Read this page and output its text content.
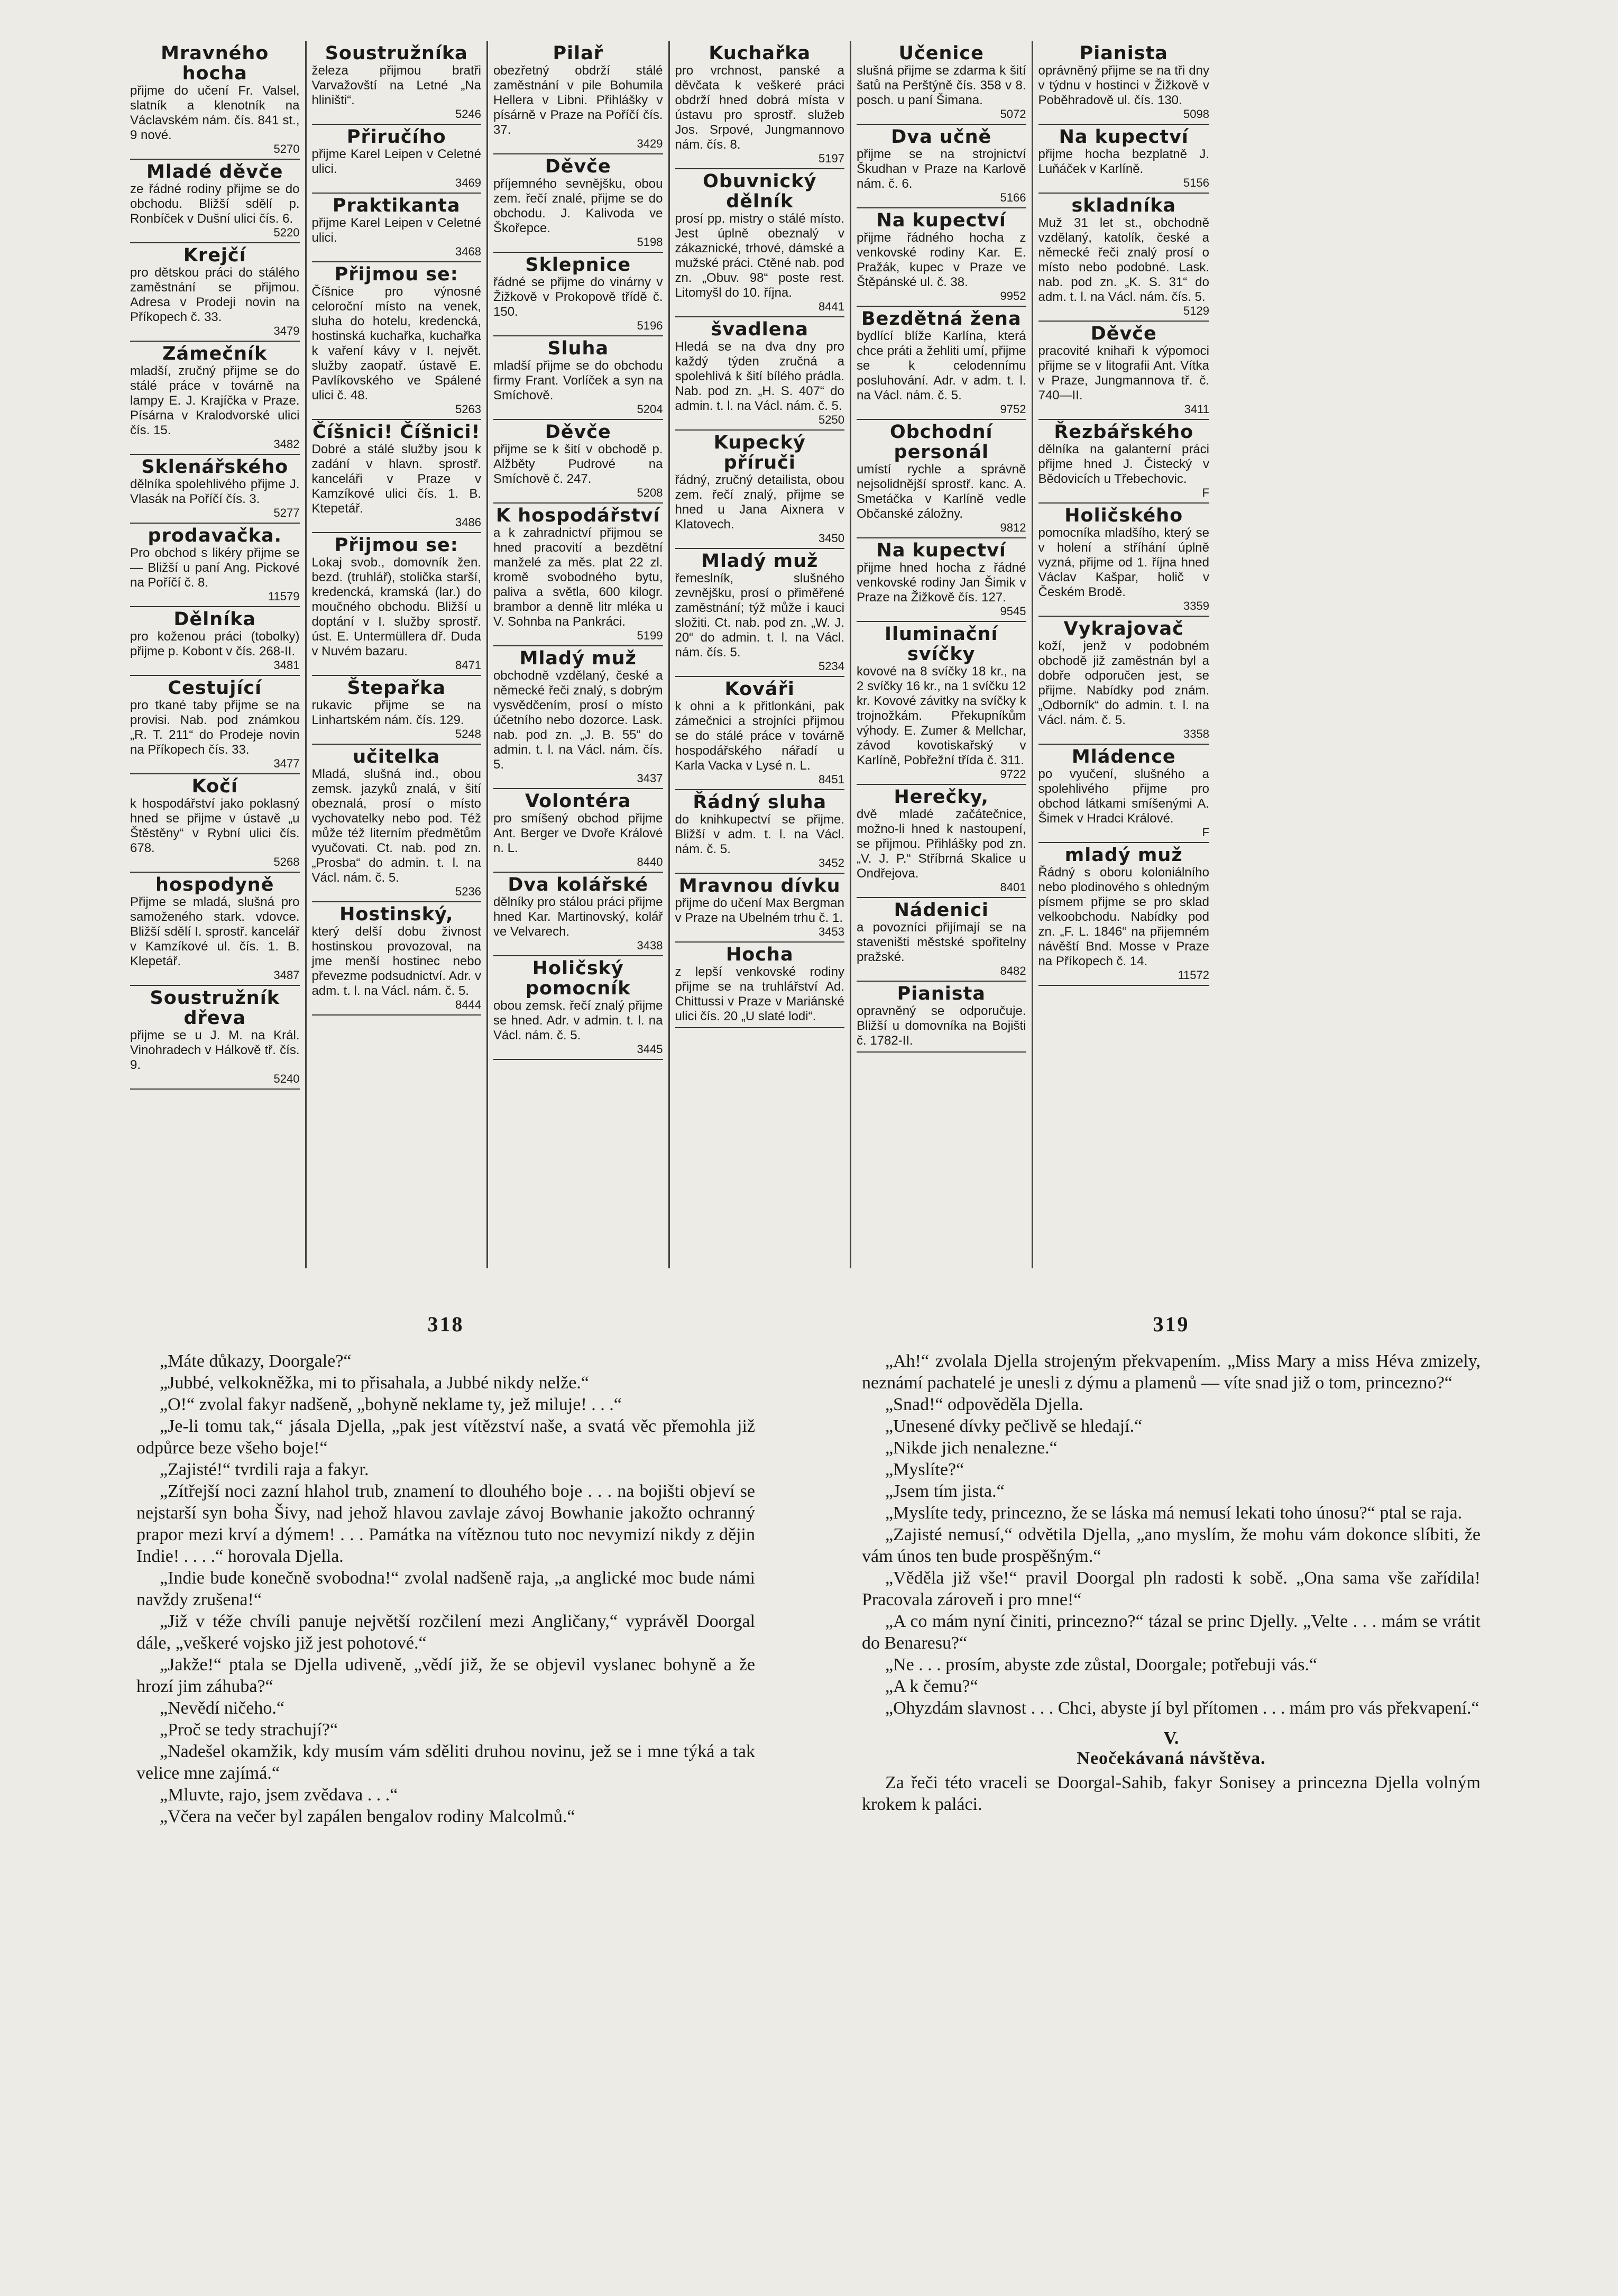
Mravného hocha
přijme do učení Fr. Valsel, slatník a klenotník na Václavském nám. čís. 841 st., 9 nové.
5270
Mladé děvče
ze řádné rodiny přijme se do obchodu. Bližší sdělí p. Ronbíček v Dušní ulici čís. 6.
5220
Krejčí
pro dětskou práci do stálého zaměstnání se přijmou. Adresa v Prodeji novin na Příkopech č. 33.
3479
Zámečník
mladší, zručný přijme se do stálé práce v továrně na lampy E. J. Krajíčka v Praze. Písárna v Kralodvorské ulici čís. 15.
3482
Sklenářského
dělníka spolehlivého přijme J. Vlasák na Poříčí čís. 3.
5277
prodavačka.
Pro obchod s likéry přijme se — Bližší u paní Ang. Pickové na Poříčí č. 8.
11579
Dělníka
pro koženou práci (tobolky) přijme p. Kobont v čís. 268-II.
3481
Cestující
pro tkané taby přijme se na provisi. Nab. pod známkou „R. T. 211“ do Prodeje novin na Příkopech čís. 33.
3477
Kočí
k hospodářství jako poklasný hned se přijme v ústavě „u Štěstěny“ v Rybní ulici čís. 678.
5268
hospodyně
Přijme se mladá, slušná pro samoženého stark. vdovce. Bližší sdělí I. sprostř. kancelář v Kamzíkové ul. čís. 1. B. Klepetář.
3487
Soustružník dřeva
přijme se u J. M. na Král. Vinohradech v Hálkově tř. čís. 9.
5240
Soustružníka
železa přijmou bratři Varvažovští na Letné „Na hliništi“.
5246
Přiručího
přijme Karel Leipen v Celetné ulici.
3469
Praktikanta
přijme Karel Leipen v Celetné ulici.
3468
Přijmou se:
Číšnice pro výnosné celoroční místo na venek, sluha do hotelu, kredencká, hostinská kuchařka, kuchařka k vaření kávy v I. největ. služby zaopatř. ústavě E. Pavlíkovského ve Spálené ulici č. 48.
5263
Číšnici! Číšnici!
Dobré a stálé služby jsou k zadání v hlavn. sprostř. kanceláři v Praze v Kamzíkové ulici čís. 1. B. Ktepetář.
3486
Přijmou se:
Lokaj svob., domovník žen. bezd. (truhlář), stolička starší, kredencká, kramská (lar.) do moučného obchodu. Bližší u doptání v I. služby sprostř. úst. E. Untermüllera dř. Duda v Nuvém bazaru.
8471
Štepařka
rukavic přijme se na Linhartském nám. čís. 129.
5248
učitelka
Mladá, slušná ind., obou zemsk. jazyků znalá, v šití obeznalá, prosí o místo vychovatelky nebo pod. Též může též literním předmětům vyučovati. Ct. nab. pod zn. „Prosba“ do admin. t. l. na Václ. nám. č. 5.
5236
Hostinský,
který delší dobu živnost hostinskou provozoval, na jme menší hostinec nebo převezme podsudnictví. Adr. v adm. t. l. na Václ. nám. č. 5.
8444
Pilař
obezřetný obdrží stálé zaměstnání v pile Bohumila Hellera v Libni. Přihlášky v písárně v Praze na Poříčí čís. 37.
3429
Děvče
příjemného sevnějšku, obou zem. řečí znalé, přijme se do obchodu. J. Kalivoda ve Škořepce.
5198
Sklepnice
řádné se přijme do vinárny v Žižkově v Prokopově třídě č. 150.
5196
Sluha
mladší přijme se do obchodu firmy Frant. Vorlíček a syn na Smíchově.
5204
Děvče
přijme se k šití v obchodě p. Alžběty Pudrové na Smíchově č. 247.
5208
K hospodářství
a k zahradnictví přijmou se hned pracovití a bezdětní manželé za měs. plat 22 zl. kromě svobodného bytu, paliva a světla, 600 kilogr. brambor a denně litr mléka u V. Sohnba na Pankráci.
5199
Mladý muž
obchodně vzdělaný, české a německé řeči znalý, s dobrým vysvědčením, prosí o místo účetního nebo dozorce. Lask. nab. pod zn. „J. B. 55“ do admin. t. l. na Václ. nám. čís. 5.
3437
Volontéra
pro smíšený obchod přijme Ant. Berger ve Dvoře Králové n. L.
8440
Dva kolářské
dělníky pro stálou práci přijme hned Kar. Martinovský, kolář ve Velvarech.
3438
Holičský pomocník
obou zemsk. řečí znalý přijme se hned. Adr. v admin. t. l. na Václ. nám. č. 5.
3445
Kuchařka
pro vrchnost, panské a děvčata k veškeré práci obdrží hned dobrá místa v ústavu pro sprostř. služeb Jos. Srpové, Jungmannovo nám. čís. 8.
5197
Obuvnický dělník
prosí pp. mistry o stálé místo. Jest úplně obeznalý v zákaznické, trhové, dámské a mužské práci. Ctěné nab. pod zn. „Obuv. 98“ poste rest. Litomyšl do 10. října.
8441
švadlena
Hledá se na dva dny pro každý týden zručná a spolehlivá k šití bílého prádla. Nab. pod zn. „H. S. 407“ do admin. t. l. na Václ. nám. č. 5.
5250
Kupecký příruči
řádný, zručný detailista, obou zem. řečí znalý, přijme se hned u Jana Aixnera v Klatovech.
3450
Mladý muž
řemeslník, slušného zevnějšku, prosí o přiměřené zaměstnání; týž může i kauci složiti. Ct. nab. pod zn. „W. J. 20“ do admin. t. l. na Václ. nám. čís. 5.
5234
Kováři
k ohni a k přitlonkáni, pak zámečnici a strojníci přijmou se do stálé práce v továrně hospodářského nářadí u Karla Vacka v Lysé n. L.
8451
Řádný sluha
do knihkupectví se přijme. Bližší v adm. t. l. na Václ. nám. č. 5.
3452
Mravnou dívku
přijme do učení Max Bergman v Praze na Ubelném trhu č. 1.
3453
Hocha
z lepší venkovské rodiny přijme se na truhlářství Ad. Chittussi v Praze v Mariánské ulici čís. 20 „U slaté lodi“.
Učenice
slušná přijme se zdarma k šití šatů na Perštýně čís. 358 v 8. posch. u paní Šimana.
5072
Dva učně
přijme se na strojnictví Škudhan v Praze na Karlově nám. č. 6.
5166
Na kupectví
přijme řádného hocha z venkovské rodiny Kar. E. Pražák, kupec v Praze ve Štěpánské ul. č. 38.
9952
Bezdětná žena
bydlící blíže Karlína, která chce práti a žehliti umí, přijme se k celodennímu posluhování. Adr. v adm. t. l. na Václ. nám. č. 5.
9752
Obchodní personál
umístí rychle a správně nejsolidnější sprostř. kanc. A. Smetáčka v Karlíně vedle Občanské záložny.
9812
Na kupectví
přijme hned hocha z řádné venkovské rodiny Jan Šimik v Praze na Žižkově čís. 127.
9545
Iluminační svíčky
kovové na 8 svíčky 18 kr., na 2 svíčky 16 kr., na 1 svíčku 12 kr. Kovové závitky na svíčky k trojnožkám. Překupníkům výhody. E. Zumer & Mellchar, závod kovotiskařský v Karlíně, Pobřežní třída č. 311.
9722
Herečky,
dvě mladé začátečnice, možno-li hned k nastoupení, se přijmou. Přihlášky pod zn. „V. J. P.“ Stříbrná Skalice u Ondřejova.
8401
Nádenici
a povozníci přijímají se na staveništi městské spořitelny pražské.
8482
Pianista
opravněný se odporučuje. Bližší u domovníka na Bojišti č. 1782-II.
Pianista
oprávněný přijme se na tři dny v týdnu v hostinci v Žižkově v Poběhradově ul. čís. 130.
5098
Na kupectví
přijme hocha bezplatně J. Luňáček v Karlíně.
5156
skladníka
Muž 31 let st., obchodně vzdělaný, katolík, české a německé řeči znalý prosí o místo nebo podobné. Lask. nab. pod zn. „K. S. 31“ do adm. t. l. na Václ. nám. čís. 5.
5129
Děvče
pracovité knihaři k výpomoci přijme se v litografii Ant. Vítka v Praze, Jungmannova tř. č. 740—II.
3411
Řezbářského
dělníka na galanterní práci přijme hned J. Čistecký v Bědovicích u Třebechovic.
F
Holičského
pomocníka mladšího, který se v holení a stříhání úplně vyzná, přijme od 1. října hned Václav Kašpar, holič v Českém Brodě.
3359
Vykrajovač
koží, jenž v podobném obchodě již zaměstnán byl a dobře odporučen jest, se přijme. Nabídky pod znám. „Odborník“ do admin. t. l. na Václ. nám. č. 5.
3358
Mládence
po vyučení, slušného a spolehlivého přijme pro obchod látkami smíšenými A. Šimek v Hradci Králové.
F
mladý muž
Řádný s oboru koloniálního nebo plodinového s ohledným písmem přijme se pro sklad velkoobchodu. Nabídky pod zn. „F. L. 1846“ na přijemném návěští Bnd. Mosse v Praze na Příkopech č. 14.
11572
318

„Máte důkazy, Doorgale?“

„Jubbé, velkokněžka, mi to přisahala, a Jubbé nikdy nelže.“

„O!“ zvolal fakyr nadšeně, „bohyně neklame ty, jež miluje! . . .“

„Je-li tomu tak,“ jásala Djella, „pak jest vítězství naše, a svatá věc přemohla již odpůrce beze všeho boje!“

„Zajisté!“ tvrdili raja a fakyr.

„Zítřejší noci zazní hlahol trub, znamení to dlouhého boje . . . na bojišti objeví se nejstarší syn boha Šivy, nad jehož hlavou zavlaje závoj Bowhanie jakožto ochranný prapor mezi krví a dýmem! . . . Památka na vítěznou tuto noc nevymizí nikdy z dějin Indie! . . . .“ horovala Djella.

„Indie bude konečně svobodna!“ zvolal nadšeně raja, „a anglické moc bude námi navždy zrušena!“

„Již v téže chvíli panuje největší rozčilení mezi Angličany,“ vyprávěl Doorgal dále, „veškeré vojsko již jest pohotové.“

„Jakže!“ ptala se Djella udiveně, „vědí již, že se objevil vyslanec bohyně a že hrozí jim záhuba?“

„Nevědí ničeho.“

„Proč se tedy strachují?“

„Nadešel okamžik, kdy musím vám sděliti druhou novinu, jež se i mne týká a tak velice mne zajímá.“

„Mluvte, rajo, jsem zvědava . . .“

„Včera na večer byl zapálen bengalov rodiny Malcolmů.“

319

„Ah!“ zvolala Djella strojeným překvapením. „Miss Mary a miss Héva zmizely, neznámí pachatelé je unesli z dýmu a plamenů — víte snad již o tom, princezno?“

„Snad!“ odpověděla Djella.

„Unesené dívky pečlivě se hledají.“

„Nikde jich nenalezne.“

„Myslíte?“

„Jsem tím jista.“

„Myslíte tedy, princezno, že se láska má nemusí lekati toho únosu?“ ptal se raja.

„Zajisté nemusí,“ odvětila Djella, „ano myslím, že mohu vám dokonce slíbiti, že vám únos ten bude prospěšným.“

„Věděla již vše!“ pravil Doorgal pln radosti k sobě. „Ona sama vše zařídila! Pracovala zároveň i pro mne!“

„A co mám nyní činiti, princezno?“ tázal se princ Djelly. „Velte . . . mám se vrátit do Benaresu?“

„Ne . . . prosím, abyste zde zůstal, Doorgale; potřebuji vás.“

„A k čemu?“

„Ohyzdám slavnost . . . Chci, abyste jí byl přítomen . . . mám pro vás překvapení.“

V.
Neočekávaná návštěva.

Za řeči této vraceli se Doorgal-Sahib, fakyr Sonisey a princezna Djella volným krokem k paláci.
